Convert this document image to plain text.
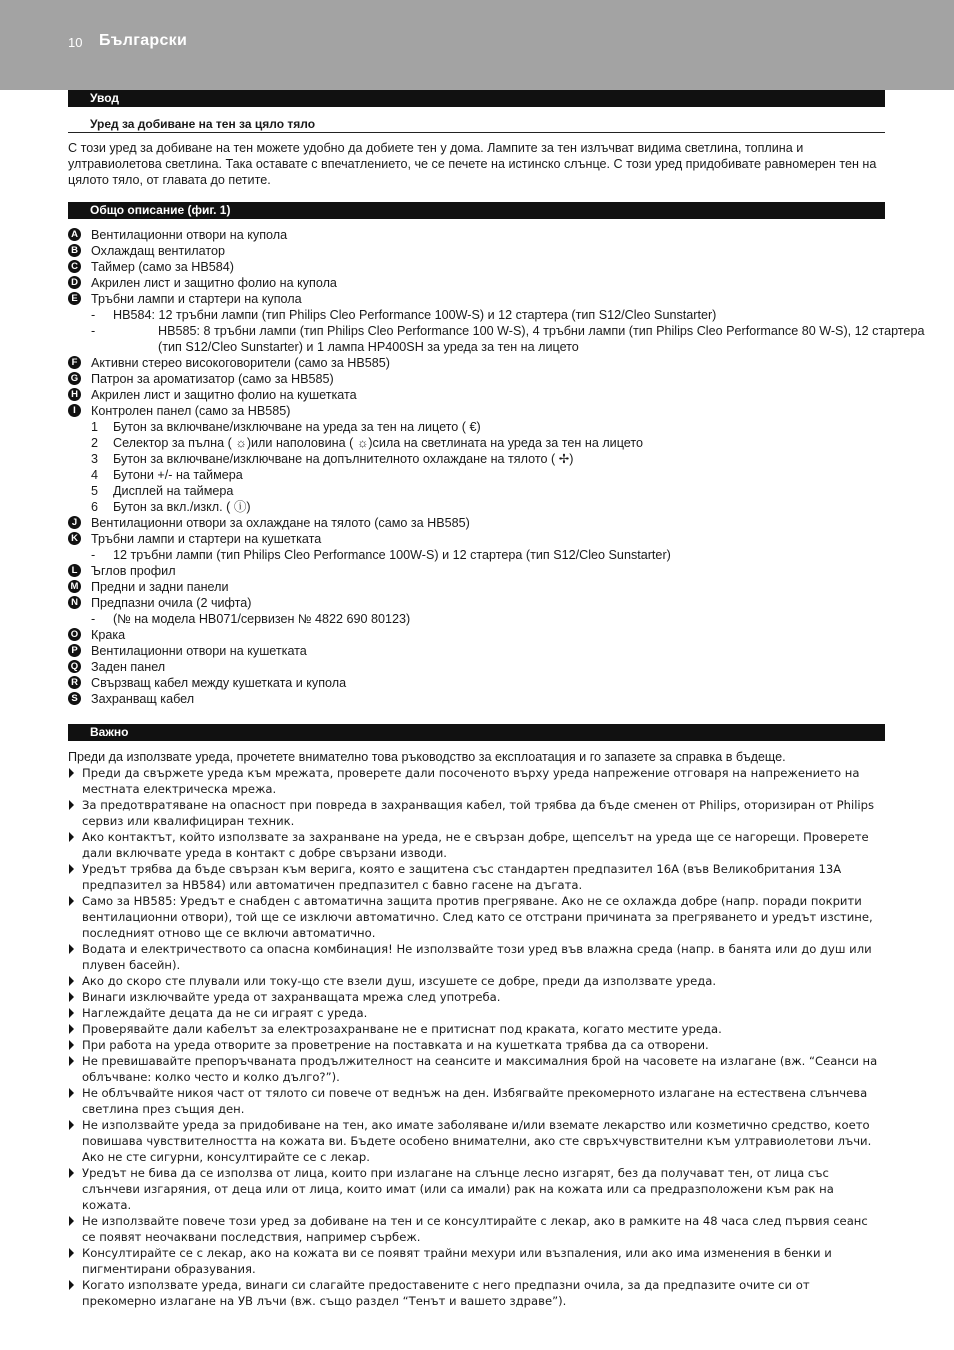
10 Български
Увод
Уред за добиване на тен за цяло тяло
С този уред за добиване на тен можете удобно да добиете тен у дома. Лампите за тен излъчват видима светлина, топлина и ултравиолетова светлина. Така оставате с впечатлението, че се печете на истинско слънце. С този уред придобивате равномерен тен на цялото тяло, от главата до петите.
Общо описание (фиг. 1)
A Вентилационни отвори на купола
B Охлаждащ вентилатор
C Таймер (само за HB584)
D Акрилен лист и защитно фолио на купола
E Тръбни лампи и стартери на купола
- HB584: 12 тръбни лампи (тип Philips Cleo Performance 100W-S) и 12 стартера (тип S12/Cleo Sunstarter)
-	HB585: 8 тръбни лампи (тип Philips Cleo Performance 100 W-S), 4 тръбни лампи (тип Philips Cleo Performance 80 W-S), 12 стартера (тип S12/Cleo Sunstarter) и 1 лампа HP400SH за уреда за тен на лицето
F Активни стерео високоговорители (само за HB585)
G Патрон за ароматизатор (само за HB585)
H Акрилен лист и защитно фолио на кушетката
I	Контролен панел (само за HB585)
1 Бутон за включване/изключване на уреда за тен на лицето ( €)
2 Селектор за пълна ( ☼)или наполовина ( ☼)сила на светлината на уреда за тен на лицето
3 Бутон за включване/изключване на допълнителното охлаждане на тялото ( ✢)
4 Бутони +/- на таймера
5 Дисплей на таймера
6 Бутон за вкл./изкл. ( ⓘ)
J	Вентилационни отвори за охлаждане на тялото (само за HB585)
K Тръбни лампи и стартери на кушетката
- 12 тръбни лампи (тип Philips Cleo Performance 100W-S) и 12 стартера (тип S12/Cleo Sunstarter)
L Ъглов профил
M Предни и задни панели
N Предпазни очила (2 чифта)
- (№ на модела HB071/сервизен № 4822 690 80123)
O Крака
P Вентилационни отвори на кушетката
Q Заден панел
R Свързващ кабел между кушетката и купола
S Захранващ кабел
Важно
Преди да използвате уреда, прочетете внимателно това ръководство за експлоатация и го запазете за справка в бъдеще.
Преди да свържете уреда към мрежата, проверете дали посоченото върху уреда напрежение отговаря на напрежението на местната електрическа мрежа.
За предотвратяване на опасност при повреда в захранващия кабел, той трябва да бъде сменен от Philips, оторизиран от Philips сервиз или квалифициран техник.
Ако контактът, който използвате за захранване на уреда, не е свързан добре, щепселът на уреда ще се нагорещи. Проверете дали включвате уреда в контакт с добре свързани изводи.
Уредът трябва да бъде свързан към верига, която е защитена със стандартен предпазител 16A (във Великобритания 13A предпазител за HB584) или автоматичен предпазител с бавно гасене на дъгата.
Само за HB585: Уредът е снабден с автоматична защита против прегряване. Ако не се охлажда добре (напр. поради покрити вентилационни отвори), той ще се изключи автоматично. След като се отстрани причината за прегряването и уредът изстине, последният отново ще се включи автоматично.
Водата и електричеството са опасна комбинация! Не използвайте този уред във влажна среда (напр. в банята или до душ или плувен басейн).
Ако до скоро сте плували или току-що сте взели душ, изсушете се добре, преди да използвате уреда.
Винаги изключвайте уреда от захранващата мрежа след употреба.
Наглеждайте децата да не си играят с уреда.
Проверявайте дали кабелът за електрозахранване не е притиснат под краката, когато местите уреда.
При работа на уреда отворите за проветрение на поставката и на кушетката трябва да са отворени.
Не превишавайте препоръчваната продължителност на сеансите и максималния брой на часовете на излагане (вж. “Сеанси на облъчване: колко често и колко дълго?”).
Не облъчвайте никоя част от тялото си повече от веднъж на ден. Избягвайте прекомерното излагане на естествена слънчева светлина през същия ден.
Не използвайте уреда за придобиване на тен, ако имате заболяване и/или вземате лекарство или козметично средство, което повишава чувствителността на кожата ви. Бъдете особено внимателни, ако сте свръхчувствителни към ултравиолетови лъчи. Ако не сте сигурни, консултирайте се с лекар.
Уредът не бива да се използва от лица, които при излагане на слънце лесно изгарят, без да получават тен, от лица със слънчеви изгаряния, от деца или от лица, които имат (или са имали) рак на кожата или са предразположени към рак на кожата.
Не използвайте повече този уред за добиване на тен и се консултирайте с лекар, ако в рамките на 48 часа след първия сеанс се появят неочаквани последствия, например сърбеж.
Консултирайте се с лекар, ако на кожата ви се появят трайни мехури или възпаления, или ако има изменения в бенки и пигментирани образувания.
Когато използвате уреда, винаги си слагайте предоставените с него предпазни очила, за да предпазите очите си от прекомерно излагане на УВ лъчи (вж. също раздел “Тенът и вашето здраве”).
